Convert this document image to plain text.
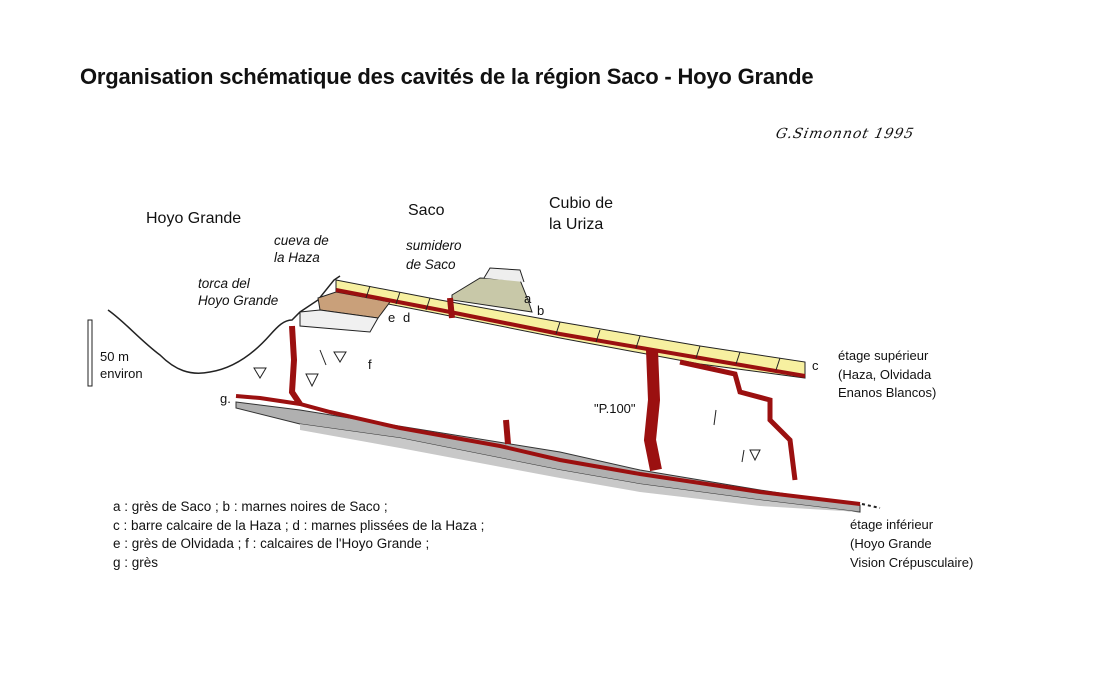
Organisation schématique des cavités de la région Saco - Hoyo Grande
G.Simonnot 1995
Hoyo Grande	Saco	Cubio de
la Uriza
cueva de
la Haza
torca del
Hoyo Grande
sumidero
de Saco
50 m
environ
a
b
c
d
e
f
g.
"P.100"
étage supérieur
(Haza, Olvidada
Enanos Blancos)
étage inférieur
(Hoyo Grande
Vision Crépusculaire)
a : grès de Saco ; b : marnes noires de Saco ;
c : barre calcaire de la Haza ; d : marnes plissées de la Haza ;
e : grès de Olvidada ; f : calcaires de l'Hoyo Grande ;
g : grès
